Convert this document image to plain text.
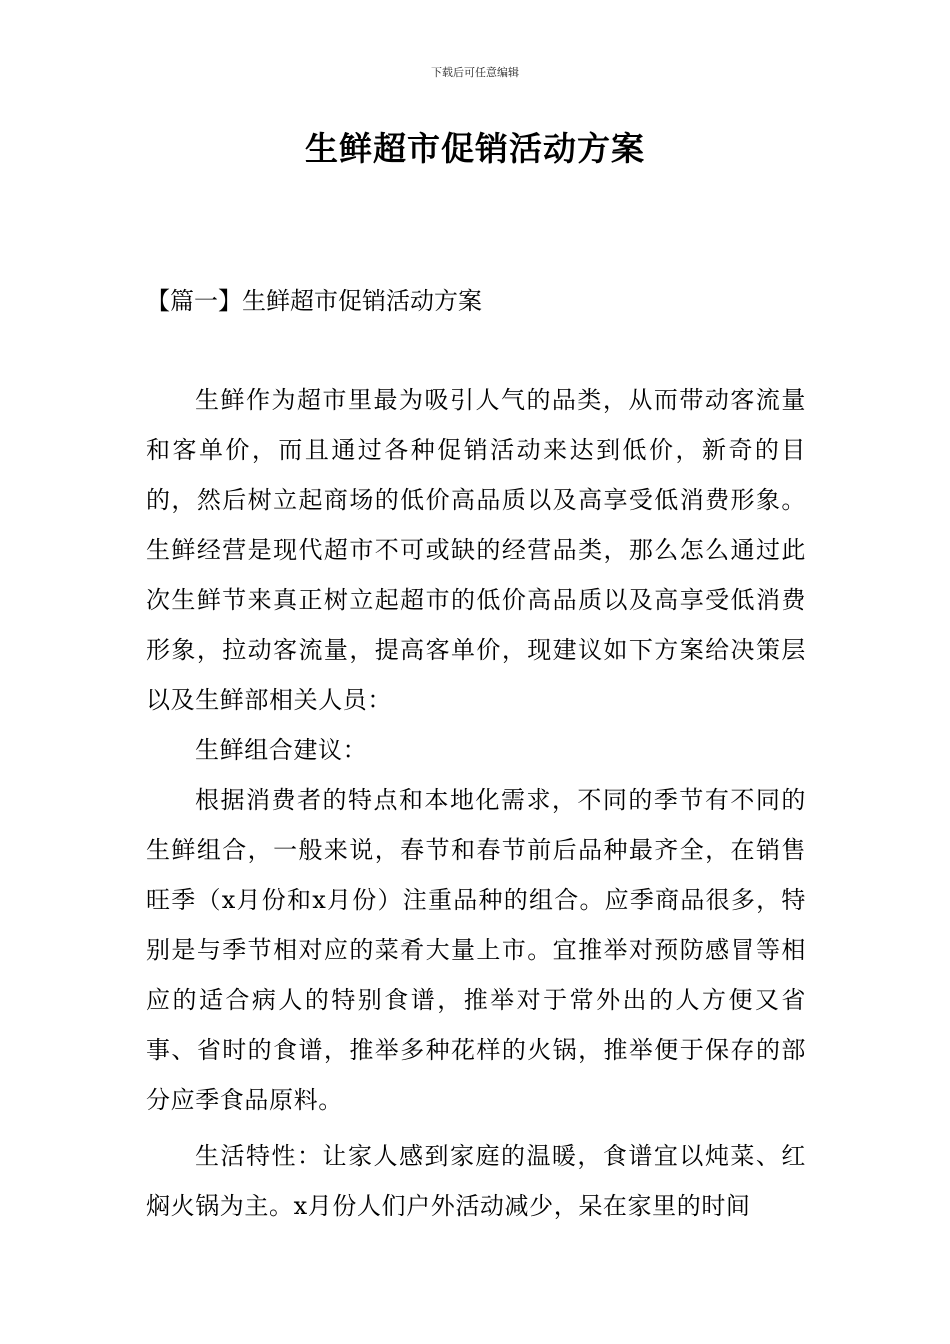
下载后可任意编辑
生鲜超市促销活动方案
【篇一】生鲜超市促销活动方案

生鲜作为超市里最为吸引人气的品类，从而带动客流量和客单价，而且通过各种促销活动来达到低价，新奇的目的，然后树立起商场的低价高品质以及高享受低消费形象。生鲜经营是现代超市不可或缺的经营品类，那么怎么通过此次生鲜节来真正树立起超市的低价高品质以及高享受低消费形象，拉动客流量，提高客单价，现建议如下方案给决策层以及生鲜部相关人员：

生鲜组合建议：

根据消费者的特点和本地化需求，不同的季节有不同的生鲜组合，一般来说，春节和春节前后品种最齐全，在销售旺季（x月份和x月份）注重品种的组合。应季商品很多，特别是与季节相对应的菜肴大量上市。宜推举对预防感冒等相应的适合病人的特别食谱，推举对于常外出的人方便又省事、省时的食谱，推举多种花样的火锅，推举便于保存的部分应季食品原料。

生活特性：让家人感到家庭的温暖，食谱宜以炖菜、红焖火锅为主。x月份人们户外活动减少，呆在家里的时间
